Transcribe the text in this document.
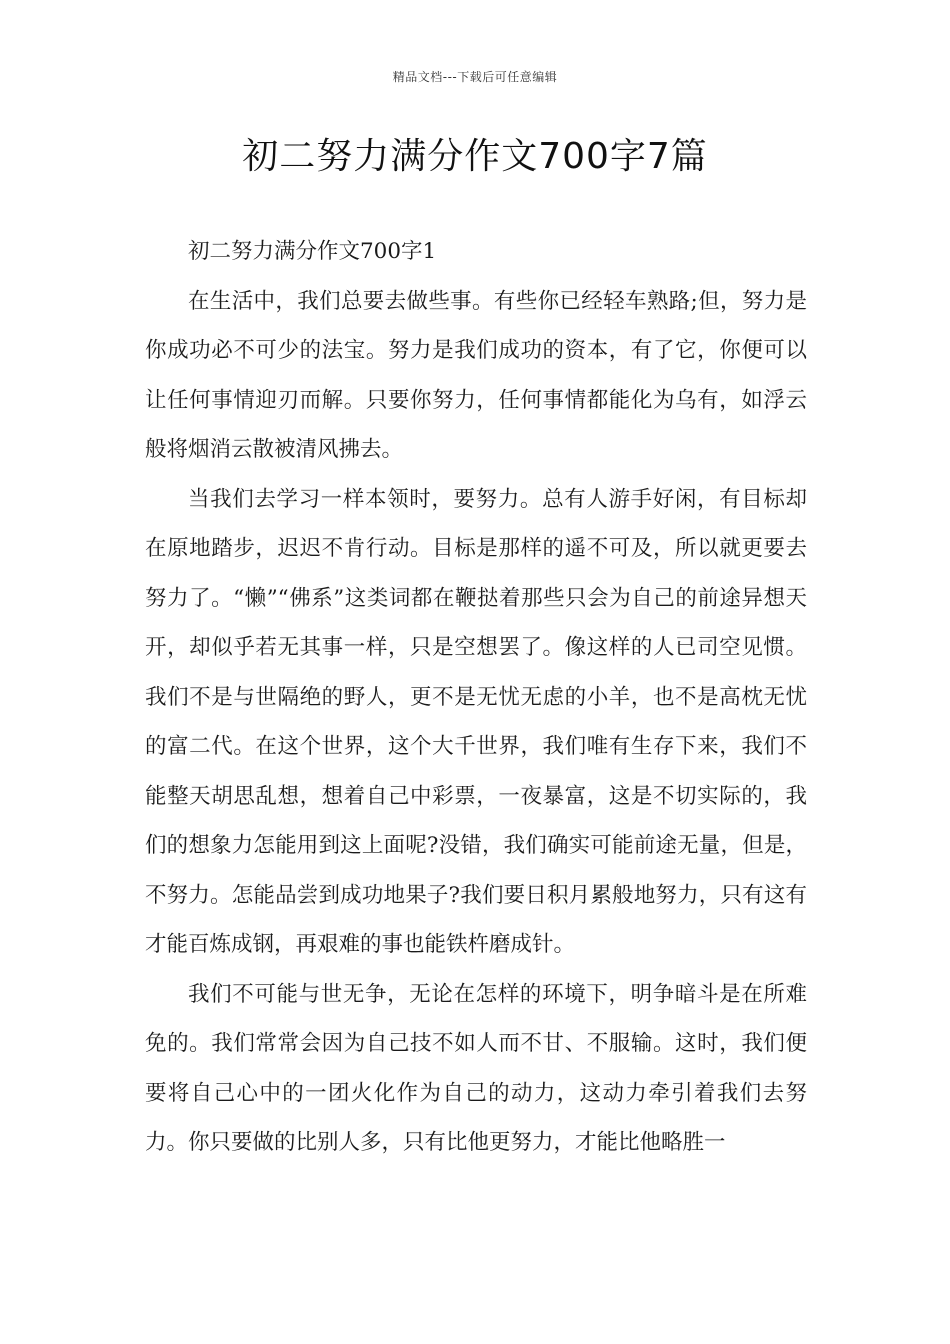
精品文档---下载后可任意编辑
初二努力满分作文700字7篇

初二努力满分作文700字1

在生活中，我们总要去做些事。有些你已经轻车熟路;但，努力是你成功必不可少的法宝。努力是我们成功的资本，有了它，你便可以让任何事情迎刃而解。只要你努力，任何事情都能化为乌有，如浮云般将烟消云散被清风拂去。

当我们去学习一样本领时，要努力。总有人游手好闲，有目标却在原地踏步，迟迟不肯行动。目标是那样的遥不可及，所以就更要去努力了。“懒”“佛系”这类词都在鞭挞着那些只会为自己的前途异想天开，却似乎若无其事一样，只是空想罢了。像这样的人已司空见惯。我们不是与世隔绝的野人，更不是无忧无虑的小羊，也不是高枕无忧的富二代。在这个世界，这个大千世界，我们唯有生存下来，我们不能整天胡思乱想，想着自己中彩票，一夜暴富，这是不切实际的，我们的想象力怎能用到这上面呢?没错，我们确实可能前途无量，但是，不努力。怎能品尝到成功地果子?我们要日积月累般地努力，只有这有才能百炼成钢，再艰难的事也能铁杵磨成针。

我们不可能与世无争，无论在怎样的环境下，明争暗斗是在所难免的。我们常常会因为自己技不如人而不甘、不服输。这时，我们便要将自己心中的一团火化作为自己的动力，这动力牵引着我们去努力。你只要做的比别人多，只有比他更努力，才能比他略胜一
